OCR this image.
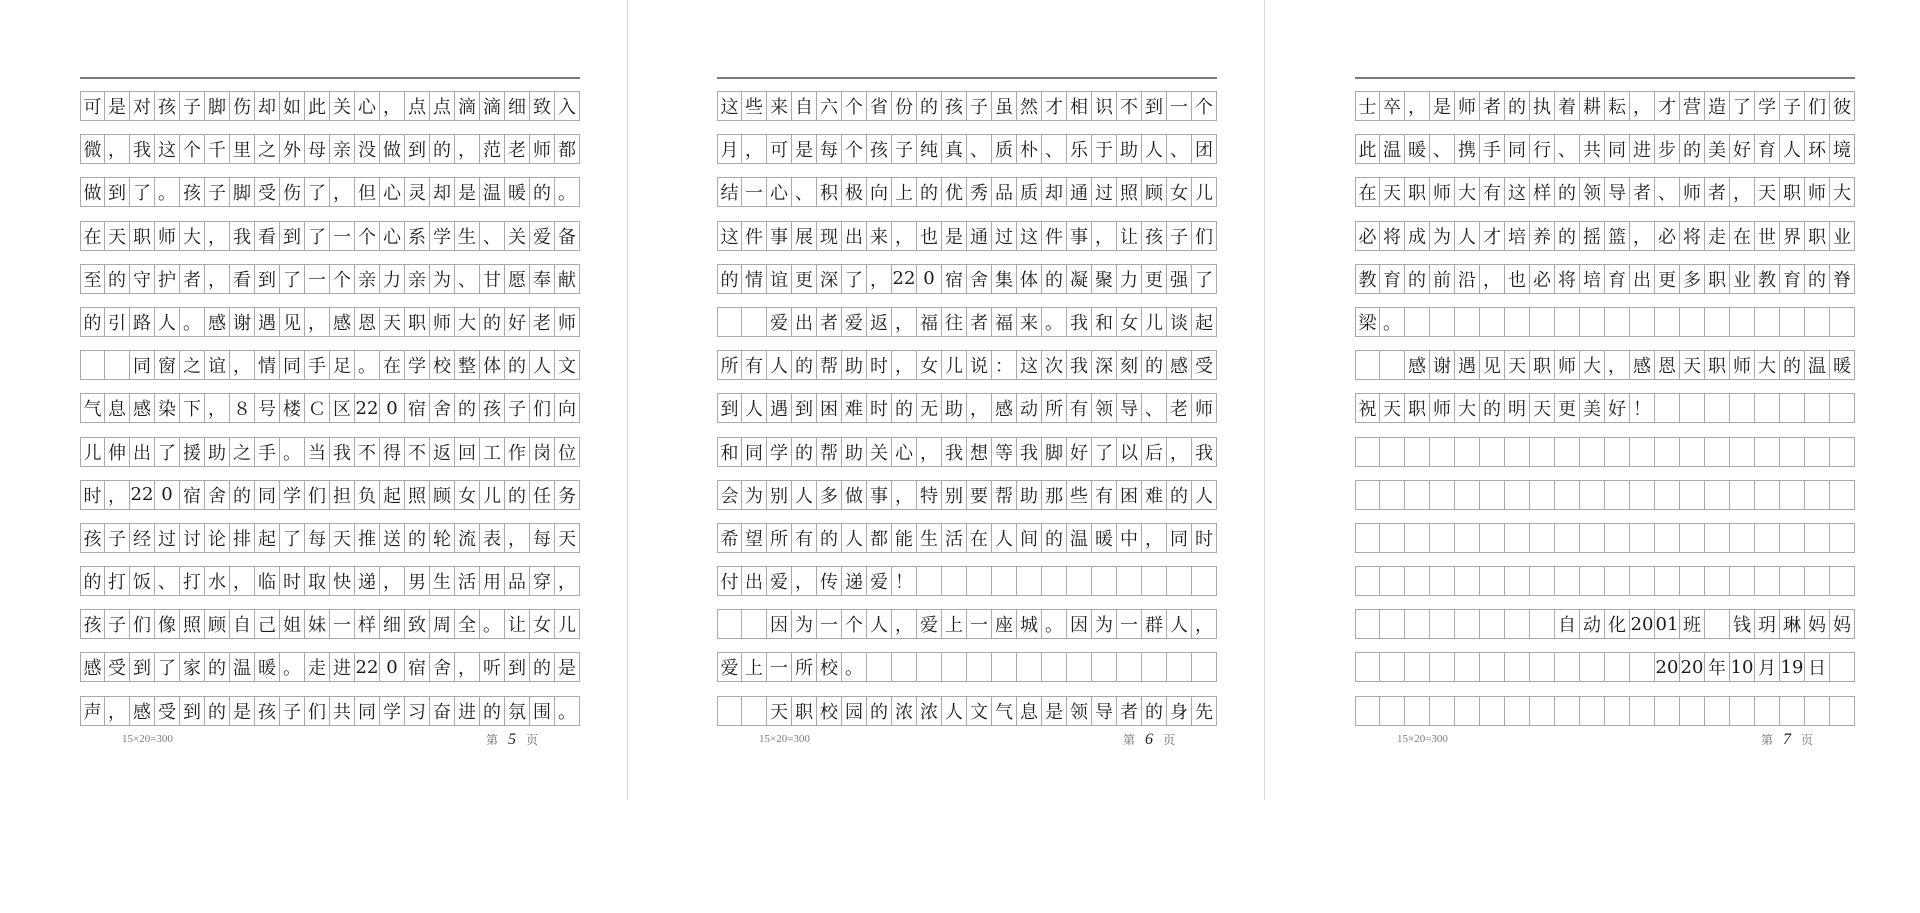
可 是 对 孩 子 脚 伤 却 如 此 关 心 ， 点 点 滴 滴 细 致 入
微 ， 我 这 个 千 里 之 外 母 亲 没 做 到 的 ， 范 老 师 都
做 到 了 。 孩 子 脚 受 伤 了 ， 但 心 灵 却 是 温 暖 的 。
在 天 职 师 大 ， 我 看 到 了 一 个 心 系 学 生 、 关 爱 备
至 的 守 护 者 ， 看 到 了 一 个 亲 力 亲 为 、 甘 愿 奉 献
的 引 路 人 。 感 谢 遇 见 ， 感 恩 天 职 师 大 的 好 老 师
同 窗 之 谊 ， 情 同 手 足 。 在 学 校 整 体 的 人 文
气 息 感 染 下 ， ８ 号 楼 Ｃ 区 22 0 宿 舍 的 孩 子 们 向
儿 伸 出 了 援 助 之 手 。 当 我 不 得 不 返 回 工 作 岗 位
时 ， 22 0 宿 舍 的 同 学 们 担 负 起 照 顾 女 儿 的 任 务
孩 子 经 过 讨 论 排 起 了 每 天 推 送 的 轮 流 表 ， 每 天
的 打 饭 、 打 水 ， 临 时 取 快 递 ， 男 生 活 用 品 穿 ，
孩 子 们 像 照 顾 自 己 姐 妹 一 样 细 致 周 全 。 让 女 儿
感 受 到 了 家 的 温 暖 。 走 进 22 0 宿 舍 ， 听 到 的 是
声 ， 感 受 到 的 是 孩 子 们 共 同 学 习 奋 进 的 氛 围 。
15×20=300	第 5 页
这 些 来 自 六 个 省 份 的 孩 子 虽 然 才 相 识 不 到 一 个
月 ， 可 是 每 个 孩 子 纯 真 、 质 朴 、 乐 于 助 人 、 团
结 一 心 、 积 极 向 上 的 优 秀 品 质 却 通 过 照 顾 女 儿
这 件 事 展 现 出 来 ， 也 是 通 过 这 件 事 ， 让 孩 子 们
的 情 谊 更 深 了 ， 22 0 宿 舍 集 体 的 凝 聚 力 更 强 了
爱 出 者 爱 返 ， 福 往 者 福 来 。 我 和 女 儿 谈 起
所 有 人 的 帮 助 时 ， 女 儿 说 ： 这 次 我 深 刻 的 感 受
到 人 遇 到 困 难 时 的 无 助 ， 感 动 所 有 领 导 、 老 师
和 同 学 的 帮 助 关 心 ， 我 想 等 我 脚 好 了 以 后 ， 我
会 为 别 人 多 做 事 ， 特 别 要 帮 助 那 些 有 困 难 的 人
希 望 所 有 的 人 都 能 生 活 在 人 间 的 温 暖 中 ， 同 时
付 出 爱 ， 传 递 爱 ！
因 为 一 个 人 ， 爱 上 一 座 城 。 因 为 一 群 人 ，
爱 上 一 所 校 。
天 职 校 园 的 浓 浓 人 文 气 息 是 领 导 者 的 身 先
15×20=300	第 6 页
士 卒 ， 是 师 者 的 执 着 耕 耘 ， 才 营 造 了 学 子 们 彼
此 温 暖 、 携 手 同 行 、 共 同 进 步 的 美 好 育 人 环 境
在 天 职 师 大 有 这 样 的 领 导 者 、 师 者 ， 天 职 师 大
必 将 成 为 人 才 培 养 的 摇 篮 ， 必 将 走 在 世 界 职 业
教 育 的 前 沿 ， 也 必 将 培 育 出 更 多 职 业 教 育 的 脊
梁 。
感 谢 遇 见 天 职 师 大 ， 感 恩 天 职 师 大 的 温 暖
祝 天 职 师 大 的 明 天 更 美 好 ！
自 动 化 20 01 班 钱 玥 琳 妈 妈
20 20 年 10 月 19 日
15×20=300	第 7 页
